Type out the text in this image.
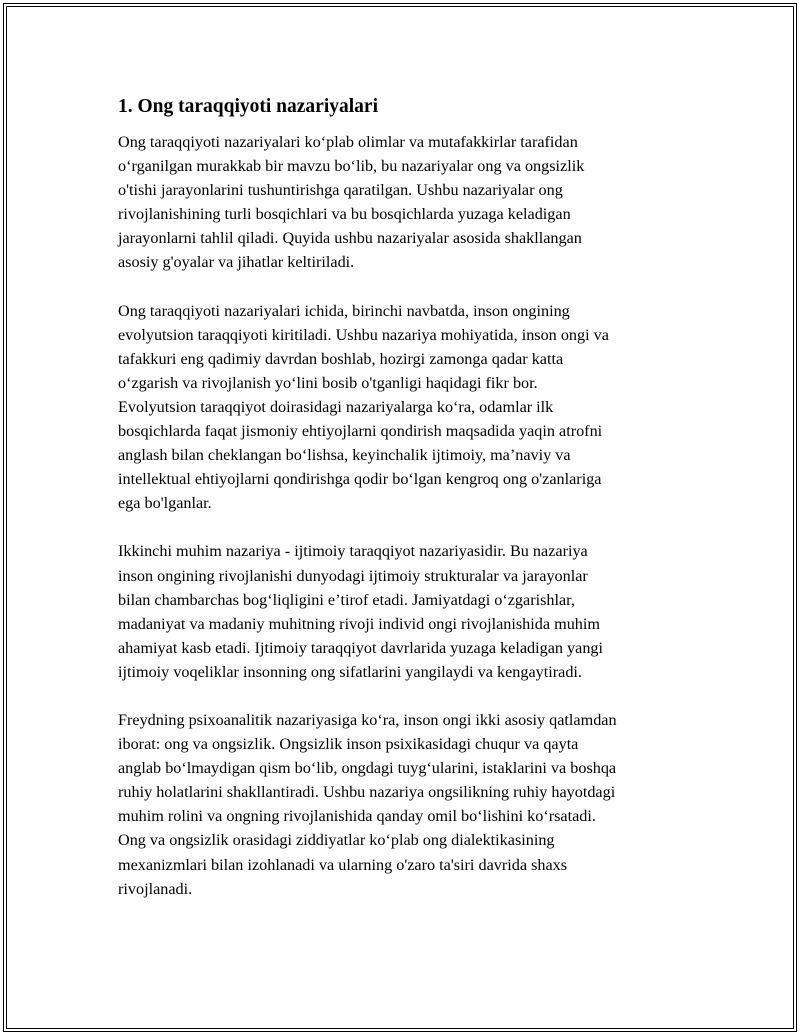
1. Ong taraqqiyoti nazariyalari
Ong taraqqiyoti nazariyalari koʻplab olimlar va mutafakkirlar tarafidan
oʻrganilgan murakkab bir mavzu boʻlib, bu nazariyalar ong va ongsizlik
o'tishi jarayonlarini tushuntirishga qaratilgan. Ushbu nazariyalar ong
rivojlanishining turli bosqichlari va bu bosqichlarda yuzaga keladigan
jarayonlarni tahlil qiladi. Quyida ushbu nazariyalar asosida shakllangan
asosiy g'oyalar va jihatlar keltiriladi.
Ong taraqqiyoti nazariyalari ichida, birinchi navbatda, inson ongining
evolyutsion taraqqiyoti kiritiladi. Ushbu nazariya mohiyatida, inson ongi va
tafakkuri eng qadimiy davrdan boshlab, hozirgi zamonga qadar katta
oʻzgarish va rivojlanish yoʻlini bosib o'tganligi haqidagi fikr bor.
Evolyutsion taraqqiyot doirasidagi nazariyalarga koʻra, odamlar ilk
bosqichlarda faqat jismoniy ehtiyojlarni qondirish maqsadida yaqin atrofni
anglash bilan cheklangan boʻlishsa, keyinchalik ijtimoiy, maʼnaviy va
intellektual ehtiyojlarni qondirishga qodir boʻlgan kengroq ong o'zanlariga
ega bo'lganlar.
Ikkinchi muhim nazariya - ijtimoiy taraqqiyot nazariyasidir. Bu nazariya
inson ongining rivojlanishi dunyodagi ijtimoiy strukturalar va jarayonlar
bilan chambarchas bogʻliqligini eʼtirof etadi. Jamiyatdagi oʻzgarishlar,
madaniyat va madaniy muhitning rivoji individ ongi rivojlanishida muhim
ahamiyat kasb etadi. Ijtimoiy taraqqiyot davrlarida yuzaga keladigan yangi
ijtimoiy voqeliklar insonning ong sifatlarini yangilaydi va kengaytiradi.
Freydning psixoanalitik nazariyasiga koʻra, inson ongi ikki asosiy qatlamdan
iborat: ong va ongsizlik. Ongsizlik inson psixikasidagi chuqur va qayta
anglab boʻlmaydigan qism boʻlib, ongdagi tuygʻularini, istaklarini va boshqa
ruhiy holatlarini shakllantiradi. Ushbu nazariya ongsilikning ruhiy hayotdagi
muhim rolini va ongning rivojlanishida qanday omil boʻlishini koʻrsatadi.
Ong va ongsizlik orasidagi ziddiyatlar koʻplab ong dialektikasining
mexanizmlari bilan izohlanadi va ularning o'zaro ta'siri davrida shaxs
rivojlanadi.
